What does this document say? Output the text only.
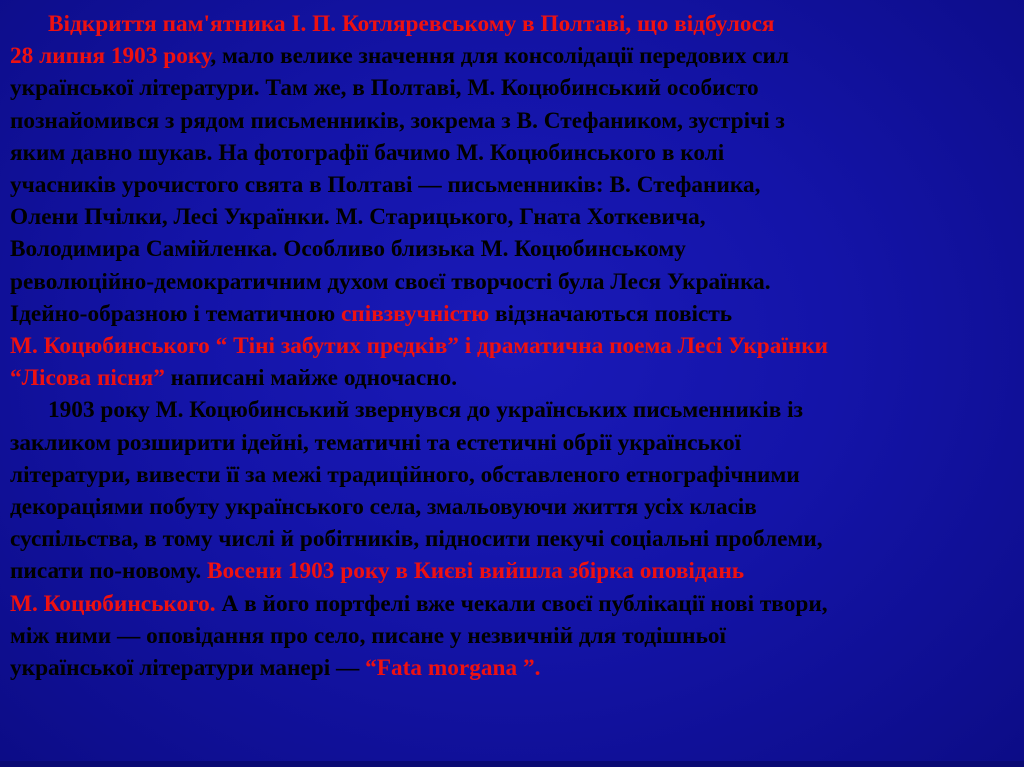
Відкриття пам'ятника І. П. Котляревському в Полтаві, що відбулося
28 липня 1903 року, мало велике значення для консолідації передових сил
української літератури. Там же, в Полтаві, М. Коцюбинський особисто
познайомився з рядом письменників, зокрема з В. Стефаником, зустрічі з
яким давно шукав. На фотографії бачимо М. Коцюбинського в колі
учасників урочистого свята в Полтаві — письменників: В. Стефаника,
Олени Пчілки, Лесі Українки. М. Старицького, Гната Хоткевича,
Володимира Самійленка. Особливо близька М. Коцюбинському
революційно-демократичним духом своєї творчості була Леся Українка.
Ідейно-образною і тематичною співзвучністю відзначаються повість
М. Коцюбинського “ Тіні забутих предків” і драматична поема Лесі Українки
“Лісова пісня” написані майже одночасно.
1903 року М. Коцюбинський звернувся до українських письменників із
закликом розширити ідейні, тематичні та естетичні обрії української
літератури, вивести її за межі традиційного, обставленого етнографічними
декораціями побуту українського села, змальовуючи життя усіх класів
суспільства, в тому числі й робітників, підносити пекучі соціальні проблеми,
писати по-новому. Восени 1903 року в Києві вийшла збірка оповідань
М. Коцюбинського. А в його портфелі вже чекали своєї публікації нові твори,
між ними — оповідання про село, писане у незвичній для тодішньої
української літератури манері — “Fata morgana ”.
